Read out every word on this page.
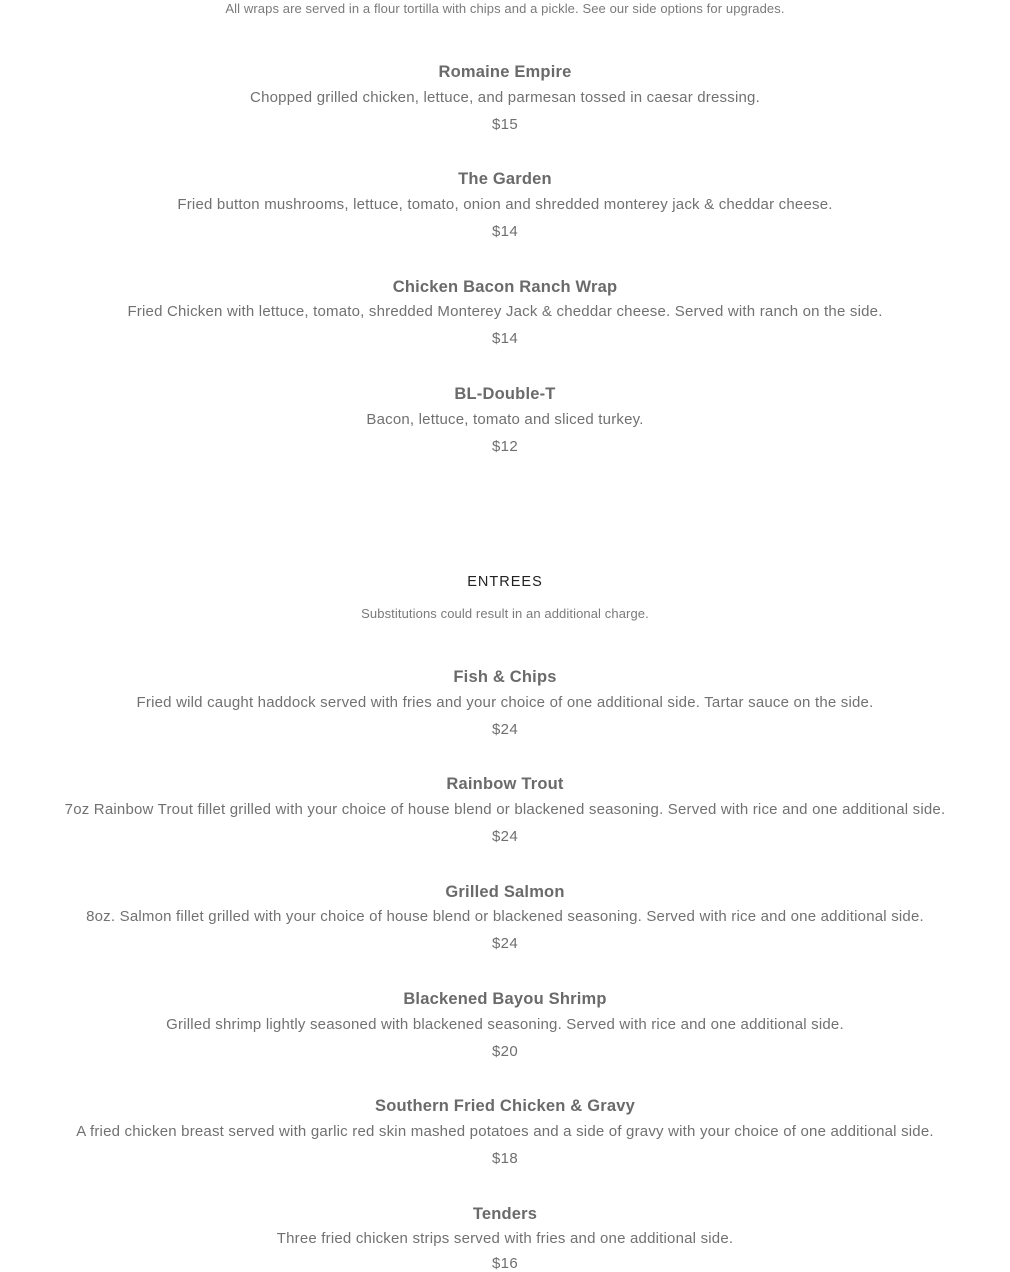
All wraps are served in a flour tortilla with chips and a pickle. See our side options for upgrades.
Romaine Empire
Chopped grilled chicken, lettuce, and parmesan tossed in caesar dressing.
$15
The Garden
Fried button mushrooms, lettuce, tomato, onion and shredded monterey jack & cheddar cheese.
$14
Chicken Bacon Ranch Wrap
Fried Chicken with lettuce, tomato, shredded Monterey Jack & cheddar cheese. Served with ranch on the side.
$14
BL-Double-T
Bacon, lettuce, tomato and sliced turkey.
$12
ENTREES
Substitutions could result in an additional charge.
Fish & Chips
Fried wild caught haddock served with fries and your choice of one additional side. Tartar sauce on the side.
$24
Rainbow Trout
7oz Rainbow Trout fillet grilled with your choice of house blend or blackened seasoning. Served with rice and one additional side.
$24
Grilled Salmon
8oz. Salmon fillet grilled with your choice of house blend or blackened seasoning. Served with rice and one additional side.
$24
Blackened Bayou Shrimp
Grilled shrimp lightly seasoned with blackened seasoning. Served with rice and one additional side.
$20
Southern Fried Chicken & Gravy
A fried chicken breast served with garlic red skin mashed potatoes and a side of gravy with your choice of one additional side.
$18
Tenders
Three fried chicken strips served with fries and one additional side.
$16
